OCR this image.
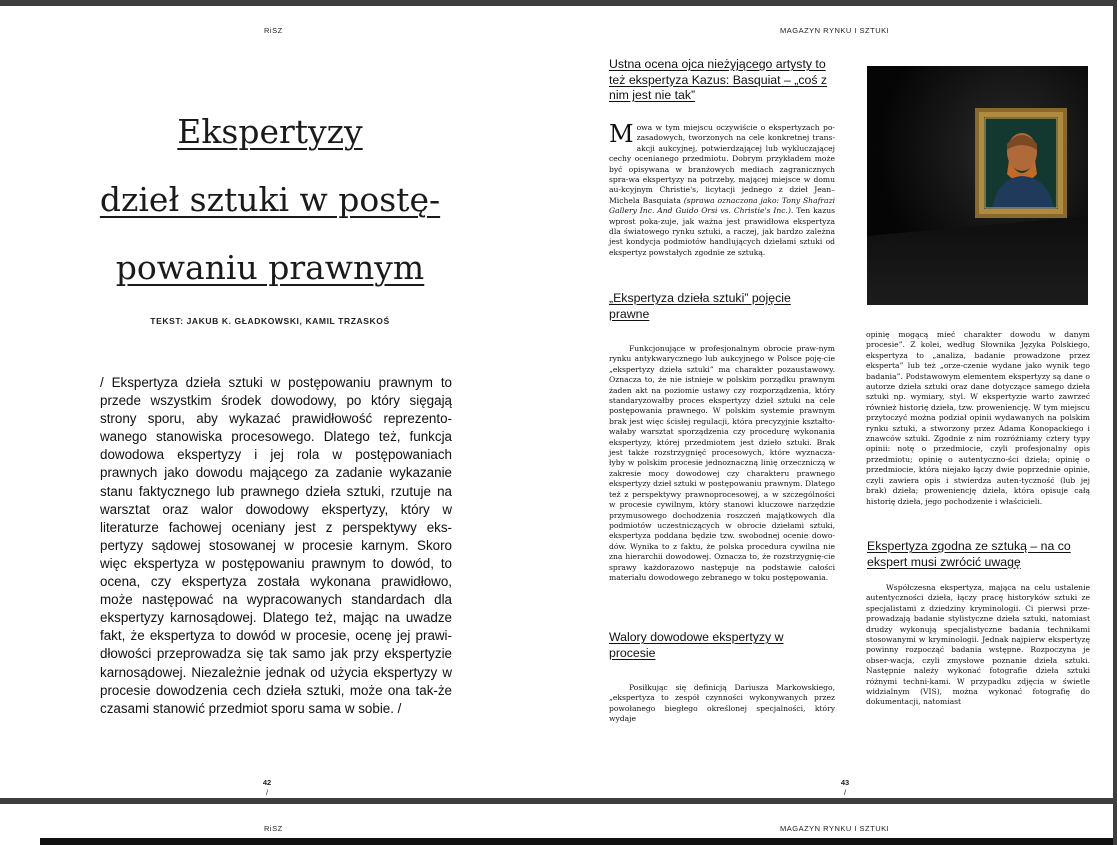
RiSZ
Ekspertyzy
dzieł sztuki w postę-
powaniu prawnym
TEKST: JAKUB K. GŁADKOWSKI, KAMIL TRZASKOŚ
/ Ekspertyza dzieła sztuki w postępowaniu prawnym to przede wszystkim środek dowodowy, po który sięgają strony sporu, aby wykazać prawidłowość reprezento-wanego stanowiska procesowego. Dlatego też, funkcja dowodowa ekspertyzy i jej rola w postępowaniach prawnych jako dowodu mającego za zadanie wykazanie stanu faktycznego lub prawnego dzieła sztuki, rzutuje na warsztat oraz walor dowodowy ekspertyzy, który w literaturze fachowej oceniany jest z perspektywy eks-pertyzy sądowej stosowanej w procesie karnym. Skoro więc ekspertyza w postępowaniu prawnym to dowód, to ocena, czy ekspertyza została wykonana prawidłowo, może następować na wypracowanych standardach dla ekspertyzy karnosądowej. Dlatego też, mając na uwadze fakt, że ekspertyza to dowód w procesie, ocenę jej prawi-dłowości przeprowadza się tak samo jak przy ekspertyzie karnosądowej. Niezależnie jednak od użycia ekspertyzy w procesie dowodzenia cech dzieła sztuki, może ona tak-że czasami stanowić przedmiot sporu sama w sobie. /
42
/
MAGAZYN RYNKU I SZTUKI
Ustna ocena ojca nieżyjącego artysty to też ekspertyza Kazus: Basquiat – „coś z nim jest nie tak”

Mowa w tym miejscu oczywiście o ekspertyzach po-zasadowych, tworzonych na cele konkretnej trans-akcji aukcyjnej, potwierdzającej lub wykluczającej cechy ocenianego przedmiotu. Dobrym przykładem może być opisywana w branżowych mediach zagranicznych spra-wa ekspertyzy na potrzeby, mającej miejsce w domu au-kcyjnym Christie's, licytacji jednego z dzieł Jean–Michela Basquiata (sprawa oznaczona jako: Tony Shafrazi Gallery Inc. And Guido Orsi vs. Christie's Inc.). Ten kazus wprost poka-zuje, jak ważna jest prawidłowa ekspertyza dla światowego rynku sztuki, a raczej, jak bardzo zależna jest kondycja podmiotów handlujących dziełami sztuki od ekspertyz powstałych zgodnie ze sztuką.

„Ekspertyza dzieła sztuki” pojęcie prawne

Funkcjonujące w profesjonalnym obrocie praw-nym rynku antykwarycznego lub aukcyjnego w Polsce poję-cie „ekspertyzy dzieła sztuki” ma charakter pozaustawowy. Oznacza to, że nie istnieje w polskim porządku prawnym żaden akt na poziomie ustawy czy rozporządzenia, który standaryzowałby proces ekspertyzy dzieł sztuki na cele postępowania prawnego. W polskim systemie prawnym brak jest więc ścisłej regulacji, która precyzyjnie kształto-wałaby warsztat sporządzenia czy procedurę wykonania ekspertyzy, której przedmiotem jest dzieło sztuki. Brak jest także rozstrzygnięć procesowych, które wyznacza-łyby w polskim procesie jednoznaczną linię orzeczniczą w zakresie mocy dowodowej czy charakteru prawnego ekspertyzy dzieł sztuki w postępowaniu prawnym. Dlatego też z perspektywy prawnoprocesowej, a w szczególności w procesie cywilnym, który stanowi kluczowe narzędzie przymusowego dochodzenia roszczeń majątkowych dla podmiotów uczestniczących w obrocie dziełami sztuki, ekspertyza poddana będzie tzw. swobodnej ocenie dowo-dów. Wynika to z faktu, że polska procedura cywilna nie zna hierarchii dowodowej. Oznacza to, że rozstrzygnię-cie sprawy każdorazowo następuje na podstawie całości materiału dowodowego zebranego w toku postępowania.

Walory dowodowe ekspertyzy w procesie

Posiłkując się definicją Dariusza Markowskiego, „ekspertyza to zespół czynności wykonywanych przez powołanego biegłego określonej specjalności, który wydaje

opinię mogącą mieć charakter dowodu w danym procesie”. Z kolei, według Słownika Języka Polskiego, ekspertyza to „analiza, badanie prowadzone przez eksperta” lub też „orze-czenie wydane jako wynik tego badania”. Podstawowym elementem ekspertyzy są dane o autorze dzieła sztuki oraz dane dotyczące samego dzieła sztuki np. wymiary, styl. W ekspertyzie warto zawrzeć również historię dzieła, tzw. proweniencję. W tym miejscu przytoczyć można podział opinii wydawanych na polskim rynku sztuki, a stworzony przez Adama Konopackiego i znawców sztuki. Zgodnie z nim rozróżniamy cztery typy opinii: notę o przedmiocie, czyli profesjonalny opis przedmiotu; opinię o autentyczno-ści dzieła; opinię o przedmiocie, która niejako łączy dwie poprzednie opinie, czyli zawiera opis i stwierdza auten-tyczność (lub jej brak) dzieła; proweniencję dzieła, która opisuje całą historię dzieła, jego pochodzenie i właścicieli.

Ekspertyza zgodna ze sztuką – na co ekspert musi zwrócić uwagę

Współczesna ekspertyza, mająca na celu ustalenie autentyczności dzieła, łączy pracę historyków sztuki ze specjalistami z dziedziny kryminologii. Ci pierwsi prze-prowadzają badanie stylistyczne dzieła sztuki, natomiast drudzy wykonują specjalistyczne badania technikami stosowanymi w kryminologii. Jednak najpierw ekspertyzę powinny rozpocząć badania wstępne. Rozpoczyna je obser-wacja, czyli zmysłowe poznanie dzieła sztuki. Następnie należy wykonać fotografie dzieła sztuki różnymi techni-kami. W przypadku zdjęcia w świetle widzialnym (VIS), można wykonać fotografię do dokumentacji, natomiast

43
/
RiSZ	MAGAZYN RYNKU I SZTUKI
